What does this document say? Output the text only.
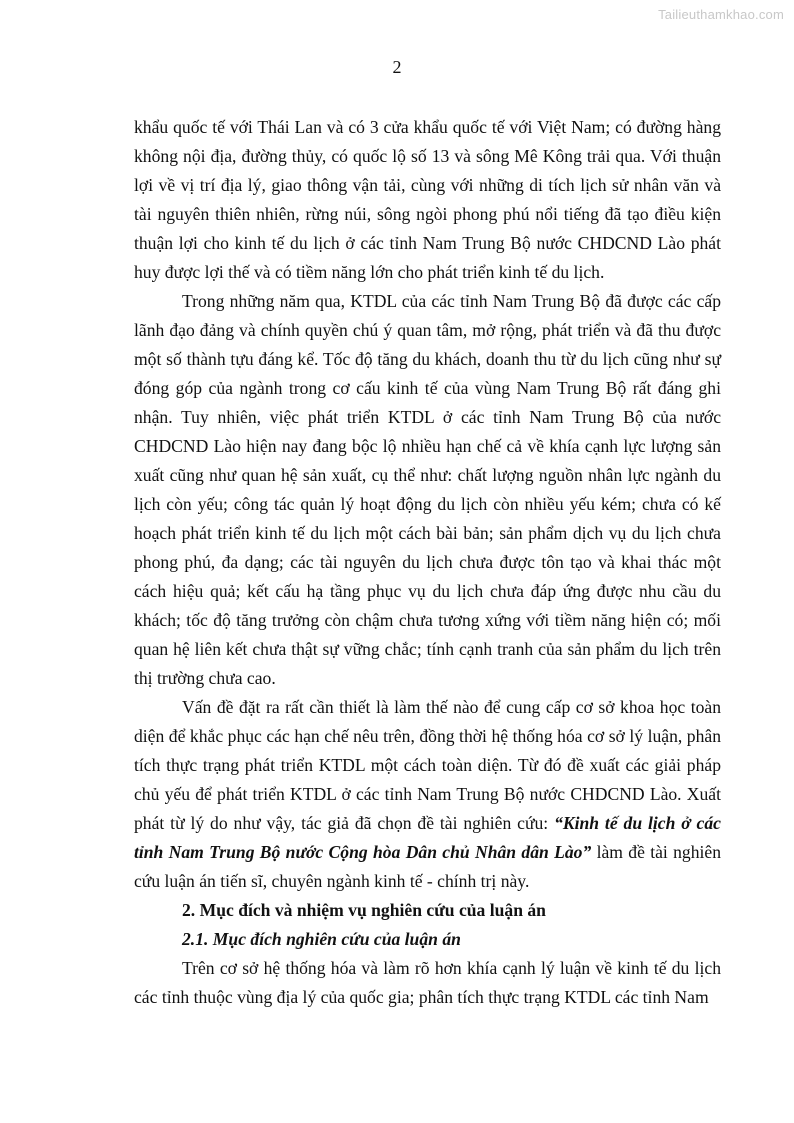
Tailieuthamkhao.com
2

khẩu quốc tế với Thái Lan và có 3 cửa khẩu quốc tế với Việt Nam; có đường hàng không nội địa, đường thủy, có quốc lộ số 13 và sông Mê Kông trải qua. Với thuận lợi về vị trí địa lý, giao thông vận tải, cùng với những di tích lịch sử nhân văn và tài nguyên thiên nhiên, rừng núi, sông ngòi phong phú nổi tiếng đã tạo điều kiện thuận lợi cho kinh tế du lịch ở các tỉnh Nam Trung Bộ nước CHDCND Lào phát huy được lợi thế và có tiềm năng lớn cho phát triển kinh tế du lịch.

Trong những năm qua, KTDL của các tỉnh Nam Trung Bộ đã được các cấp lãnh đạo đảng và chính quyền chú ý quan tâm, mở rộng, phát triển và đã thu được một số thành tựu đáng kể. Tốc độ tăng du khách, doanh thu từ du lịch cũng như sự đóng góp của ngành trong cơ cấu kinh tế của vùng Nam Trung Bộ rất đáng ghi nhận. Tuy nhiên, việc phát triển KTDL ở các tỉnh Nam Trung Bộ của nước CHDCND Lào hiện nay đang bộc lộ nhiều hạn chế cả về khía cạnh lực lượng sản xuất cũng như quan hệ sản xuất, cụ thể như: chất lượng nguồn nhân lực ngành du lịch còn yếu; công tác quản lý hoạt động du lịch còn nhiều yếu kém; chưa có kế hoạch phát triển kinh tế du lịch một cách bài bản; sản phẩm dịch vụ du lịch chưa phong phú, đa dạng; các tài nguyên du lịch chưa được tôn tạo và khai thác một cách hiệu quả; kết cấu hạ tầng phục vụ du lịch chưa đáp ứng được nhu cầu du khách; tốc độ tăng trưởng còn chậm chưa tương xứng với tiềm năng hiện có; mối quan hệ liên kết chưa thật sự vững chắc; tính cạnh tranh của sản phẩm du lịch trên thị trường chưa cao.

Vấn đề đặt ra rất cần thiết là làm thế nào để cung cấp cơ sở khoa học toàn diện để khắc phục các hạn chế nêu trên, đồng thời hệ thống hóa cơ sở lý luận, phân tích thực trạng phát triển KTDL một cách toàn diện. Từ đó đề xuất các giải pháp chủ yếu để phát triển KTDL ở các tỉnh Nam Trung Bộ nước CHDCND Lào. Xuất phát từ lý do như vậy, tác giả đã chọn đề tài nghiên cứu: “Kinh tế du lịch ở các tỉnh Nam Trung Bộ nước Cộng hòa Dân chủ Nhân dân Lào” làm đề tài nghiên cứu luận án tiến sĩ, chuyên ngành kinh tế - chính trị này.

2. Mục đích và nhiệm vụ nghiên cứu của luận án

2.1. Mục đích nghiên cứu của luận án

Trên cơ sở hệ thống hóa và làm rõ hơn khía cạnh lý luận về kinh tế du lịch các tỉnh thuộc vùng địa lý của quốc gia; phân tích thực trạng KTDL các tỉnh Nam
